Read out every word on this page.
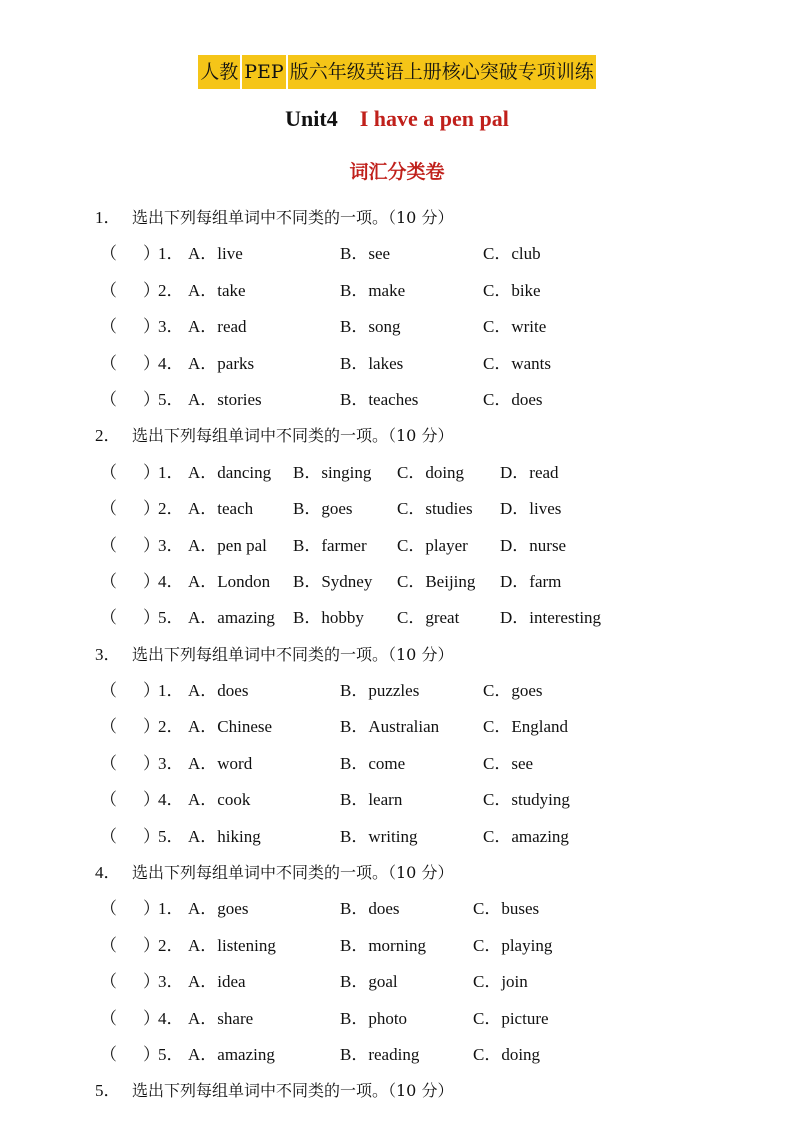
人教 PEP 版六年级英语上册核心突破专项训练
Unit4 I have a pen pal
词汇分类卷
1． 选出下列每组单词中不同类的一项。（10 分）
（ ）
1． A．live	B．see	C．club
（ ）
2． A．take	B．make	C．bike
（ ）
3． A．read	B．song	C．write
（ ）
4． A．parks	B．lakes	C．wants
（ ）
5． A．stories	B．teaches	C．does
2． 选出下列每组单词中不同类的一项。（10 分）
（ ）
1． A．dancing B．singing C．doing D．read
（ ）
2． A．teach B．goes	C．studies D．lives
（ ）
3． A．pen pal B．farmer C．player D．nurse
（ ）
4． A．London B．Sydney C．Beijing D．farm
（ ）
5． A．amazing B．hobby C．great D．interesting
3． 选出下列每组单词中不同类的一项。（10 分）
（ ）
1． A．does	B．puzzles	C．goes
（ ）
2． A．Chinese	B．Australian	C．England
（ ）
3． A．word	B．come	C．see
（ ）
4． A．cook	B．learn	C．studying
（ ）
5． A．hiking	B．writing	C．amazing
4． 选出下列每组单词中不同类的一项。（10 分）
（ ）
1． A．goes	B．does	C．buses
（ ）
2． A．listening	B．morning	C．playing
（ ）
3． A．idea	B．goal	C．join
（ ）
4． A．share	B．photo	C．picture
（ ）
5． A．amazing	B．reading	C．doing
5． 选出下列每组单词中不同类的一项。（10 分）
